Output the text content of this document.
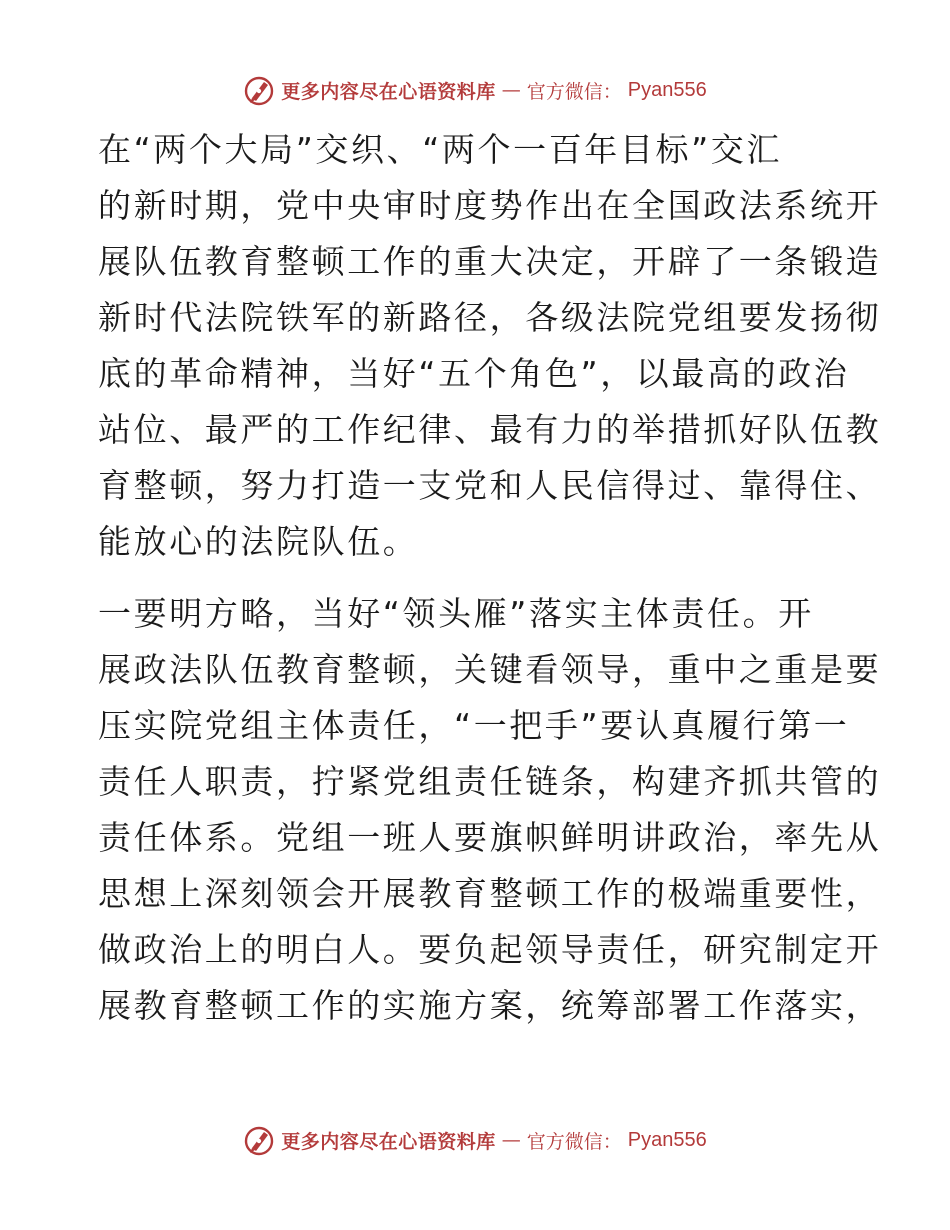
更多内容尽在心语资料库 — 官方微信： Pyan556

在“两个大局”交织、“两个一百年目标”交汇
的新时期，党中央审时度势作出在全国政法系统开
展队伍教育整顿工作的重大决定，开辟了一条锻造
新时代法院铁军的新路径，各级法院党组要发扬彻
底的革命精神，当好“五个角色”，以最高的政治
站位、最严的工作纪律、最有力的举措抓好队伍教
育整顿，努力打造一支党和人民信得过、靠得住、
能放心的法院队伍。

一要明方略，当好“领头雁”落实主体责任。开
展政法队伍教育整顿，关键看领导，重中之重是要
压实院党组主体责任，“一把手”要认真履行第一
责任人职责，拧紧党组责任链条，构建齐抓共管的
责任体系。党组一班人要旗帜鲜明讲政治，率先从
思想上深刻领会开展教育整顿工作的极端重要性，
做政治上的明白人。要负起领导责任，研究制定开
展教育整顿工作的实施方案，统筹部署工作落实，

更多内容尽在心语资料库 — 官方微信： Pyan556
